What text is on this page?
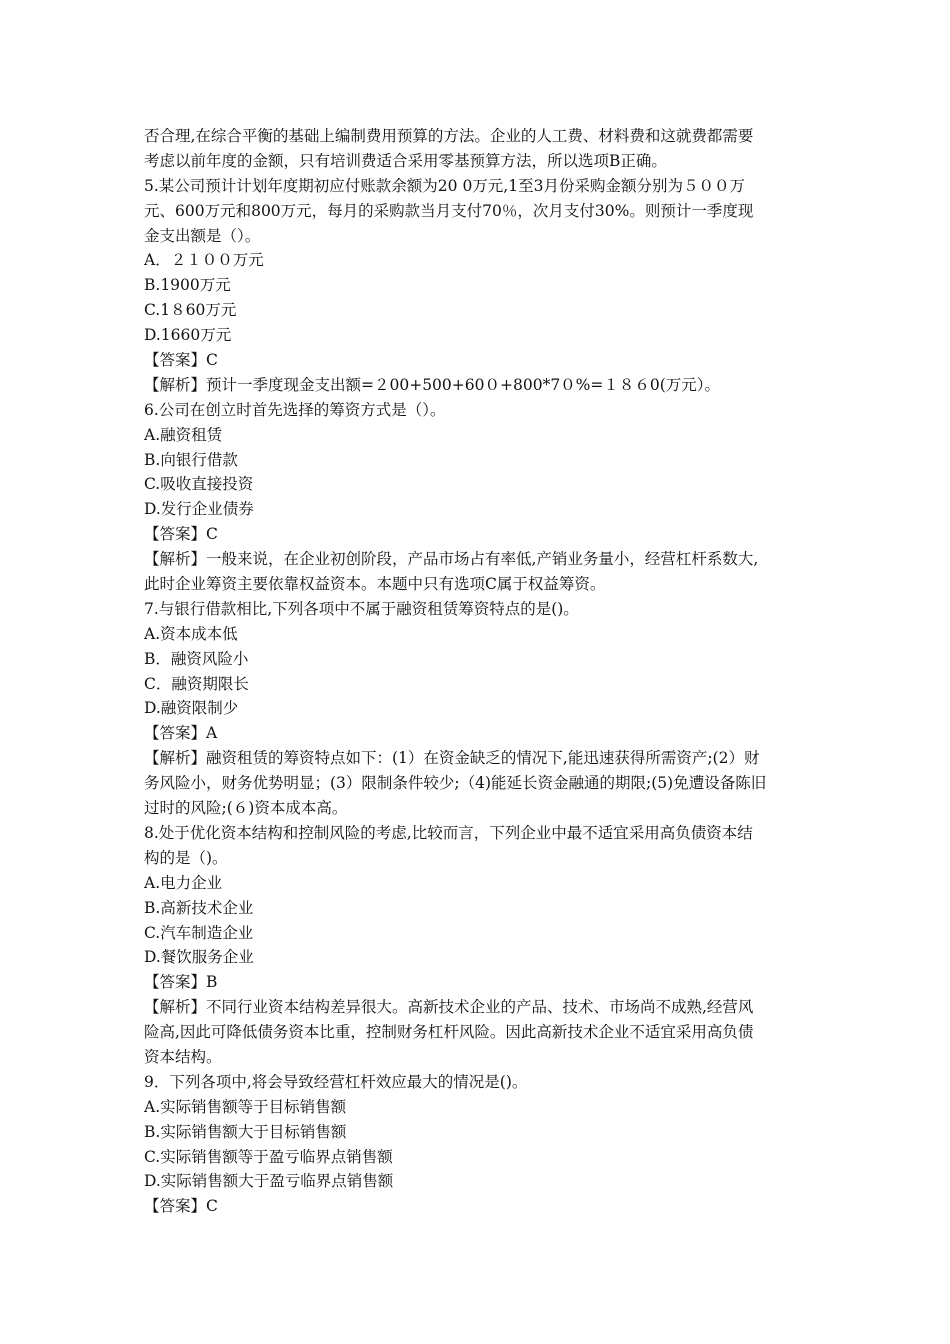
否合理,在综合平衡的基础上编制费用预算的方法。企业的人工费、材料费和这就费都需要
考虑以前年度的金额，只有培训费适合采用零基预算方法，所以选项B正确。
5.某公司预计计划年度期初应付账款余额为20 0万元,1至3月份采购金额分别为５００万
元、600万元和800万元，每月的采购款当月支付70％，次月支付30%。则预计一季度现
金支出额是（）。
A．２１００万元
B.1900万元
C.1８60万元
D.1660万元
【答案】C
【解析】预计一季度现金支出额=２00+500+60０+800*7０%=１８６0(万元）。
6.公司在创立时首先选择的筹资方式是（）。
A.融资租赁
B.向银行借款
C.吸收直接投资
D.发行企业债券
【答案】C
【解析】一般来说，在企业初创阶段，产品市场占有率低,产销业务量小，经营杠杆系数大,
此时企业筹资主要依靠权益资本。本题中只有选项C属于权益筹资。
7.与银行借款相比,下列各项中不属于融资租赁筹资特点的是()。
A.资本成本低
B．融资风险小
C．融资期限长
D.融资限制少
【答案】A
【解析】融资租赁的筹资特点如下：(1）在资金缺乏的情况下,能迅速获得所需资产;(2）财
务风险小，财务优势明显；(3）限制条件较少;（4)能延长资金融通的期限;(5)免遭设备陈旧
过时的风险;(６)资本成本高。
8.处于优化资本结构和控制风险的考虑,比较而言，下列企业中最不适宜采用高负债资本结
构的是（)。
A.电力企业
B.高新技术企业
C.汽车制造企业
D.餐饮服务企业
【答案】B
【解析】不同行业资本结构差异很大。高新技术企业的产品、技术、市场尚不成熟,经营风
险高,因此可降低债务资本比重，控制财务杠杆风险。因此高新技术企业不适宜采用高负债
资本结构。
9．下列各项中,将会导致经营杠杆效应最大的情况是()。
A.实际销售额等于目标销售额
B.实际销售额大于目标销售额
C.实际销售额等于盈亏临界点销售额
D.实际销售额大于盈亏临界点销售额
【答案】C
